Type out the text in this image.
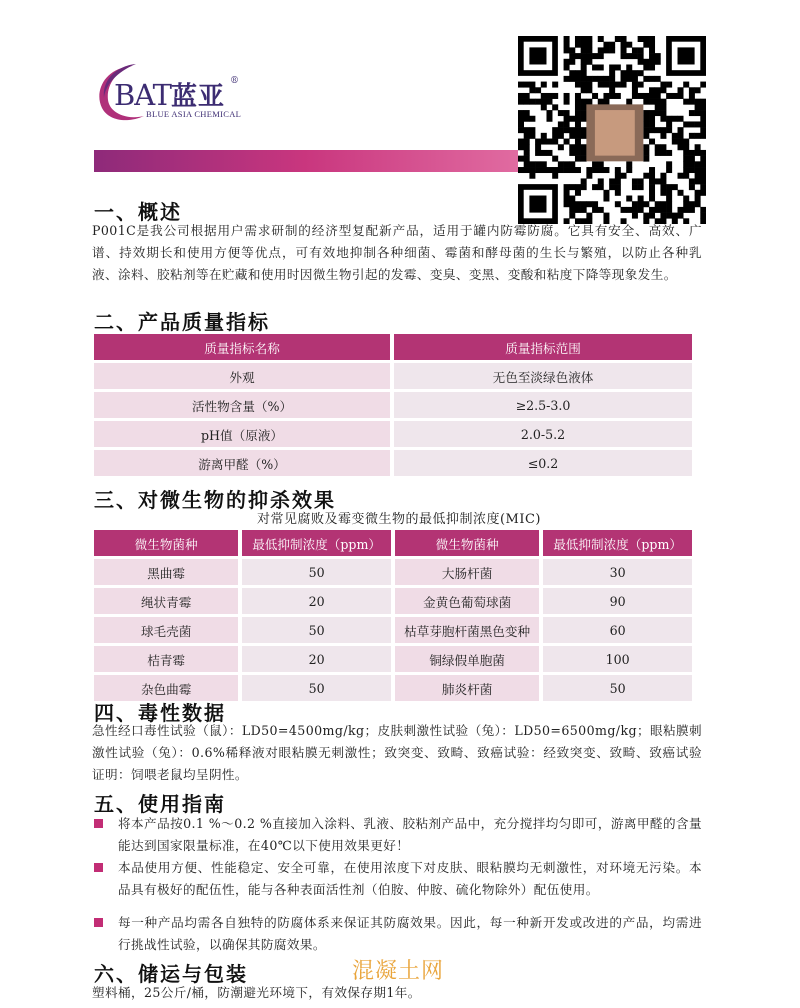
BAT蓝亚
®
BLUE ASIA CHEMICAL
一、概述

P001C是我公司根据用户需求研制的经济型复配新产品，适用于罐内防霉防腐。它具有安全、高效、广谱、持效期长和使用方便等优点，可有效地抑制各种细菌、霉菌和酵母菌的生长与繁殖，以防止各种乳液、涂料、胶粘剂等在贮藏和使用时因微生物引起的发霉、变臭、变黑、变酸和粘度下降等现象发生。

二、产品质量指标
质量指标名称	质量指标范围
外观	无色至淡绿色液体
活性物含量（%）	≥2.5-3.0
pH值（原液）	2.0-5.2
游离甲醛（%）	≤0.2
三、对微生物的抑杀效果
对常见腐败及霉变微生物的最低抑制浓度(MIC)
微生物菌种	最低抑制浓度（ppm）	微生物菌种	最低抑制浓度（ppm）
黑曲霉	50	大肠杆菌	30
绳状青霉	20	金黄色葡萄球菌	90
球毛壳菌	50	枯草芽胞杆菌黑色变种	60
桔青霉	20	铜绿假单胞菌	100
杂色曲霉	50	肺炎杆菌	50
四、毒性数据

急性经口毒性试验（鼠）：LD50=4500mg/kg；皮肤刺激性试验（兔）：LD50=6500mg/kg；眼粘膜刺激性试验（兔）：0.6%稀释液对眼粘膜无刺激性；致突变、致畸、致癌试验：经致突变、致畸、致癌试验证明：饲喂老鼠均呈阴性。

五、使用指南
将本产品按0.1 %～0.2 %直接加入涂料、乳液、胶粘剂产品中，充分搅拌均匀即可，游离甲醛的含量能达到国家限量标准，在40℃以下使用效果更好！
本品使用方便、性能稳定、安全可靠，在使用浓度下对皮肤、眼粘膜均无刺激性，对环境无污染。本品具有极好的配伍性，能与各种表面活性剂（伯胺、仲胺、硫化物除外）配伍使用。
每一种产品均需各自独特的防腐体系来保证其防腐效果。因此，每一种新开发或改进的产品，均需进行挑战性试验，以确保其防腐效果。
六、储运与包装

塑料桶，25公斤/桶，防潮避光环境下，有效保存期1年。

混凝土网
